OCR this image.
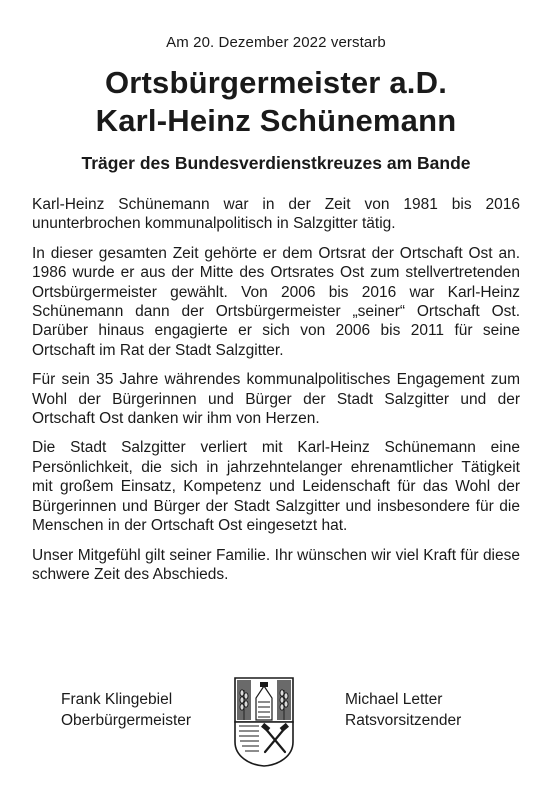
Am 20. Dezember 2022 verstarb
Ortsbürgermeister a.D.
Karl-Heinz Schünemann
Träger des Bundesverdienstkreuzes am Bande

Karl-Heinz Schünemann war in der Zeit von 1981 bis 2016 ununterbrochen kommunalpolitisch in Salzgitter tätig.

In dieser gesamten Zeit gehörte er dem Ortsrat der Ortschaft Ost an. 1986 wurde er aus der Mitte des Ortsrates Ost zum stellvertretenden Ortsbürgermeister gewählt. Von 2006 bis 2016 war Karl-Heinz Schünemann dann der Ortsbürgermeister „seiner“ Ortschaft Ost. Darüber hinaus engagierte er sich von 2006 bis 2011 für seine Ortschaft im Rat der Stadt Salzgitter.

Für sein 35 Jahre währendes kommunalpolitisches Engagement zum Wohl der Bürgerinnen und Bürger der Stadt Salzgitter und der Ortschaft Ost danken wir ihm von Herzen.

Die Stadt Salzgitter verliert mit Karl-Heinz Schünemann eine Persönlichkeit, die sich in jahrzehntelanger ehrenamtlicher Tätigkeit mit großem Einsatz, Kompetenz und Leidenschaft für das Wohl der Bürgerinnen und Bürger der Stadt Salzgitter und insbesondere für die Menschen in der Ortschaft Ost eingesetzt hat.

Unser Mitgefühl gilt seiner Familie. Ihr wünschen wir viel Kraft für diese schwere Zeit des Abschieds.

Frank Klingebiel
Oberbürgermeister
Michael Letter
Ratsvorsitzender
